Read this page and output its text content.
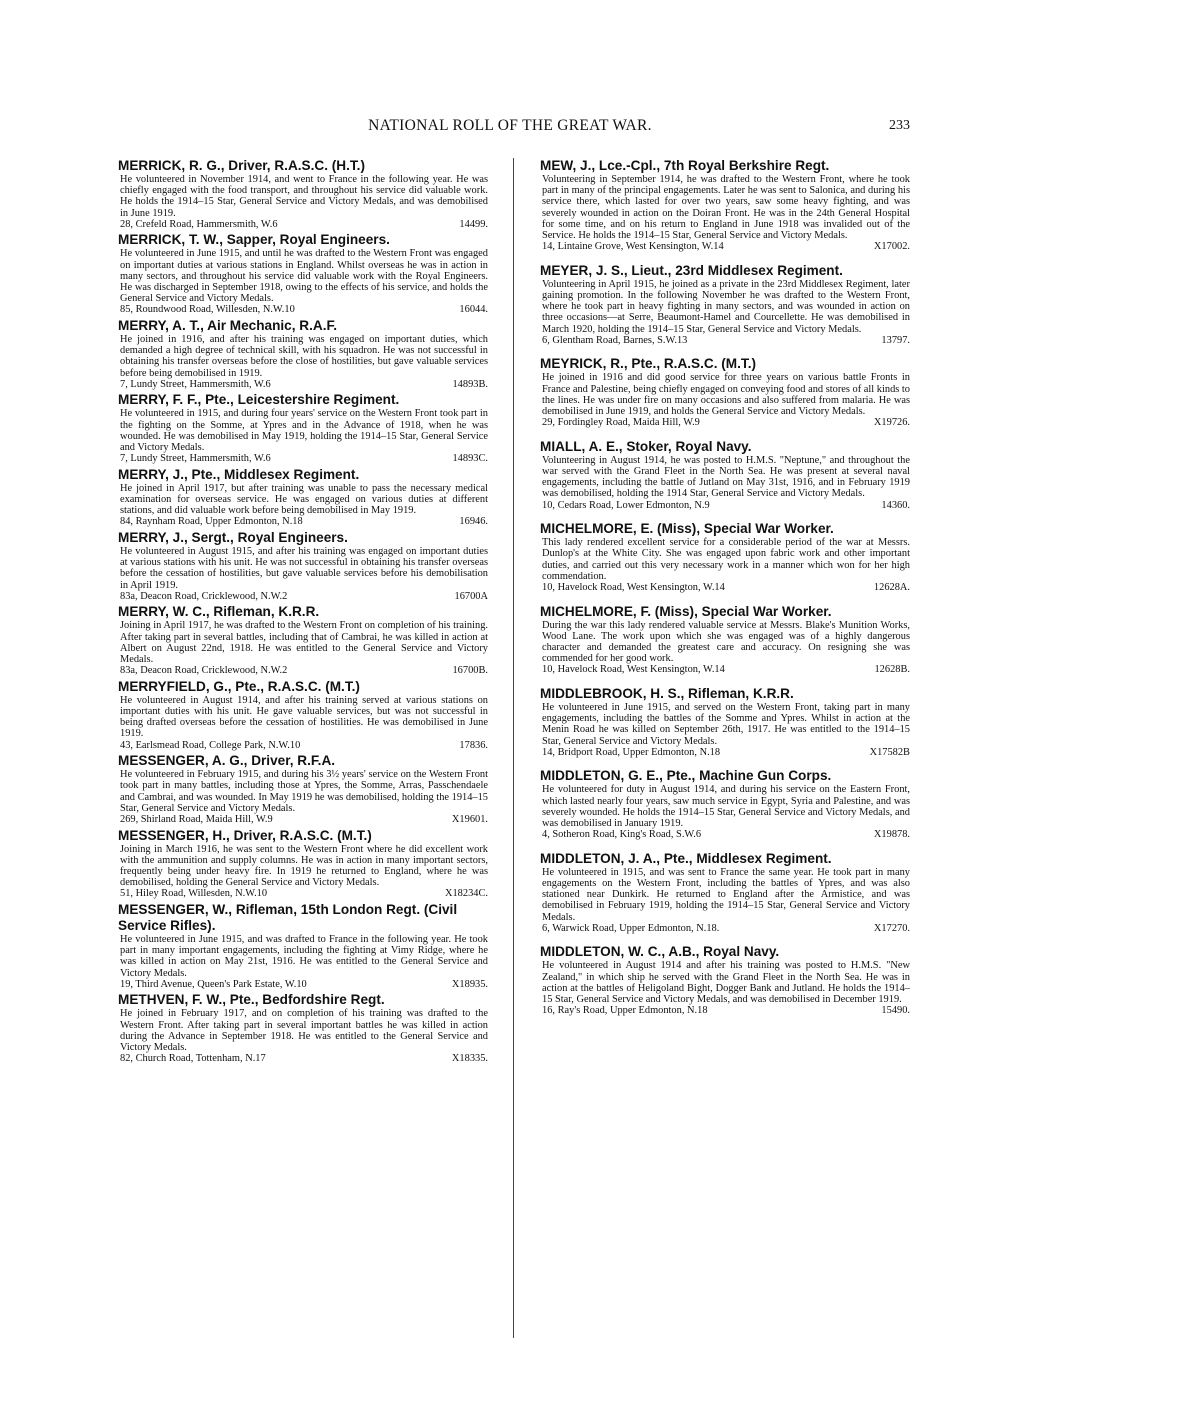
NATIONAL ROLL OF THE GREAT WAR.	233
MERRICK, R. G., Driver, R.A.S.C. (H.T.)
He volunteered in November 1914, and went to France in the following year. He was chiefly engaged with the food transport, and throughout his service did valuable work. He holds the 1914–15 Star, General Service and Victory Medals, and was demobilised in June 1919.
28, Crefeld Road, Hammersmith, W.6	14499.
MERRICK, T. W., Sapper, Royal Engineers.
He volunteered in June 1915, and until he was drafted to the Western Front was engaged on important duties at various stations in England. Whilst overseas he was in action in many sectors, and throughout his service did valuable work with the Royal Engineers. He was discharged in September 1918, owing to the effects of his service, and holds the General Service and Victory Medals.
85, Roundwood Road, Willesden, N.W.10	16044.
MERRY, A. T., Air Mechanic, R.A.F.
He joined in 1916, and after his training was engaged on important duties, which demanded a high degree of technical skill, with his squadron. He was not successful in obtaining his transfer overseas before the close of hostilities, but gave valuable services before being demobilised in 1919.
7, Lundy Street, Hammersmith, W.6	14893B.
MERRY, F. F., Pte., Leicestershire Regiment.
He volunteered in 1915, and during four years' service on the Western Front took part in the fighting on the Somme, at Ypres and in the Advance of 1918, when he was wounded. He was demobilised in May 1919, holding the 1914–15 Star, General Service and Victory Medals.
7, Lundy Street, Hammersmith, W.6	14893C.
MERRY, J., Pte., Middlesex Regiment.
He joined in April 1917, but after training was unable to pass the necessary medical examination for overseas service. He was engaged on various duties at different stations, and did valuable work before being demobilised in May 1919.
84, Raynham Road, Upper Edmonton, N.18	16946.
MERRY, J., Sergt., Royal Engineers.
He volunteered in August 1915, and after his training was engaged on important duties at various stations with his unit. He was not successful in obtaining his transfer overseas before the cessation of hostilities, but gave valuable services before his demobilisation in April 1919.
83a, Deacon Road, Cricklewood, N.W.2	16700A
MERRY, W. C., Rifleman, K.R.R.
Joining in April 1917, he was drafted to the Western Front on completion of his training. After taking part in several battles, including that of Cambrai, he was killed in action at Albert on August 22nd, 1918. He was entitled to the General Service and Victory Medals.
83a, Deacon Road, Cricklewood, N.W.2	16700B.
MERRYFIELD, G., Pte., R.A.S.C. (M.T.)
He volunteered in August 1914, and after his training served at various stations on important duties with his unit. He gave valuable services, but was not successful in being drafted overseas before the cessation of hostilities. He was demobilised in June 1919.
43, Earlsmead Road, College Park, N.W.10	17836.
MESSENGER, A. G., Driver, R.F.A.
He volunteered in February 1915, and during his 3½ years' service on the Western Front took part in many battles, including those at Ypres, the Somme, Arras, Passchendaele and Cambrai, and was wounded. In May 1919 he was demobilised, holding the 1914–15 Star, General Service and Victory Medals.
269, Shirland Road, Maida Hill, W.9	X19601.
MESSENGER, H., Driver, R.A.S.C. (M.T.)
Joining in March 1916, he was sent to the Western Front where he did excellent work with the ammunition and supply columns. He was in action in many important sectors, frequently being under heavy fire. In 1919 he returned to England, where he was demobilised, holding the General Service and Victory Medals.
51, Hiley Road, Willesden, N.W.10	X18234C.
MESSENGER, W., Rifleman, 15th London Regt. (Civil Service Rifles).
He volunteered in June 1915, and was drafted to France in the following year. He took part in many important engagements, including the fighting at Vimy Ridge, where he was killed in action on May 21st, 1916. He was entitled to the General Service and Victory Medals.
19, Third Avenue, Queen's Park Estate, W.10	X18935.
METHVEN, F. W., Pte., Bedfordshire Regt.
He joined in February 1917, and on completion of his training was drafted to the Western Front. After taking part in several important battles he was killed in action during the Advance in September 1918. He was entitled to the General Service and Victory Medals.
82, Church Road, Tottenham, N.17	X18335.
MEW, J., Lce.-Cpl., 7th Royal Berkshire Regt.
Volunteering in September 1914, he was drafted to the Western Front, where he took part in many of the principal engagements. Later he was sent to Salonica, and during his service there, which lasted for over two years, saw some heavy fighting, and was severely wounded in action on the Doiran Front. He was in the 24th General Hospital for some time, and on his return to England in June 1918 was invalided out of the Service. He holds the 1914–15 Star, General Service and Victory Medals.
14, Lintaine Grove, West Kensington, W.14	X17002.
MEYER, J. S., Lieut., 23rd Middlesex Regiment.
Volunteering in April 1915, he joined as a private in the 23rd Middlesex Regiment, later gaining promotion. In the following November he was drafted to the Western Front, where he took part in heavy fighting in many sectors, and was wounded in action on three occasions—at Serre, Beaumont-Hamel and Courcellette. He was demobilised in March 1920, holding the 1914–15 Star, General Service and Victory Medals.
6, Glentham Road, Barnes, S.W.13	13797.
MEYRICK, R., Pte., R.A.S.C. (M.T.)
He joined in 1916 and did good service for three years on various battle Fronts in France and Palestine, being chiefly engaged on conveying food and stores of all kinds to the lines. He was under fire on many occasions and also suffered from malaria. He was demobilised in June 1919, and holds the General Service and Victory Medals.
29, Fordingley Road, Maida Hill, W.9	X19726.
MIALL, A. E., Stoker, Royal Navy.
Volunteering in August 1914, he was posted to H.M.S. "Neptune," and throughout the war served with the Grand Fleet in the North Sea. He was present at several naval engagements, including the battle of Jutland on May 31st, 1916, and in February 1919 was demobilised, holding the 1914 Star, General Service and Victory Medals.
10, Cedars Road, Lower Edmonton, N.9	14360.
MICHELMORE, E. (Miss), Special War Worker.
This lady rendered excellent service for a considerable period of the war at Messrs. Dunlop's at the White City. She was engaged upon fabric work and other important duties, and carried out this very necessary work in a manner which won for her high commendation.
10, Havelock Road, West Kensington, W.14	12628A.
MICHELMORE, F. (Miss), Special War Worker.
During the war this lady rendered valuable service at Messrs. Blake's Munition Works, Wood Lane. The work upon which she was engaged was of a highly dangerous character and demanded the greatest care and accuracy. On resigning she was commended for her good work.
10, Havelock Road, West Kensington, W.14	12628B.
MIDDLEBROOK, H. S., Rifleman, K.R.R.
He volunteered in June 1915, and served on the Western Front, taking part in many engagements, including the battles of the Somme and Ypres. Whilst in action at the Menin Road he was killed on September 26th, 1917. He was entitled to the 1914–15 Star, General Service and Victory Medals.
14, Bridport Road, Upper Edmonton, N.18	X17582B
MIDDLETON, G. E., Pte., Machine Gun Corps.
He volunteered for duty in August 1914, and during his service on the Eastern Front, which lasted nearly four years, saw much service in Egypt, Syria and Palestine, and was severely wounded. He holds the 1914–15 Star, General Service and Victory Medals, and was demobilised in January 1919.
4, Sotheron Road, King's Road, S.W.6	X19878.
MIDDLETON, J. A., Pte., Middlesex Regiment.
He volunteered in 1915, and was sent to France the same year. He took part in many engagements on the Western Front, including the battles of Ypres, and was also stationed near Dunkirk. He returned to England after the Armistice, and was demobilised in February 1919, holding the 1914–15 Star, General Service and Victory Medals.
6, Warwick Road, Upper Edmonton, N.18.	X17270.
MIDDLETON, W. C., A.B., Royal Navy.
He volunteered in August 1914 and after his training was posted to H.M.S. "New Zealand," in which ship he served with the Grand Fleet in the North Sea. He was in action at the battles of Heligoland Bight, Dogger Bank and Jutland. He holds the 1914–15 Star, General Service and Victory Medals, and was demobilised in December 1919.
16, Ray's Road, Upper Edmonton, N.18	15490.
